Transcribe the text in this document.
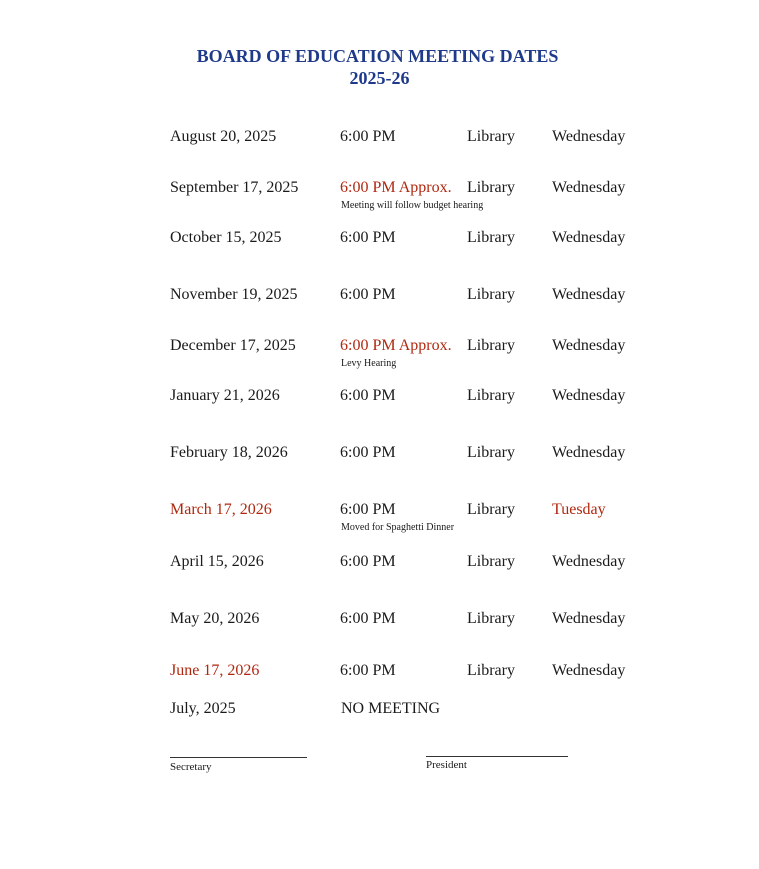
BOARD OF EDUCATION MEETING DATES
2025-26
August 20, 2025	6:00 PM	Library Wednesday
September 17, 2025	6:00 PM Approx. Library Wednesday
Meeting will follow budget hearing
October 15, 2025	6:00 PM	Library Wednesday
November 19, 2025	6:00 PM	Library Wednesday
December 17, 2025	6:00 PM Approx. Library Wednesday
Levy Hearing
January 21, 2026	6:00 PM	Library Wednesday
February 18, 2026	6:00 PM	Library Wednesday
March 17, 2026	6:00 PM	Library Tuesday
Moved for Spaghetti Dinner
April 15, 2026	6:00 PM	Library Wednesday
May 20, 2026	6:00 PM	Library Wednesday
June 17, 2026	6:00 PM	Library Wednesday
July, 2025	NO MEETING
Secretary	President
